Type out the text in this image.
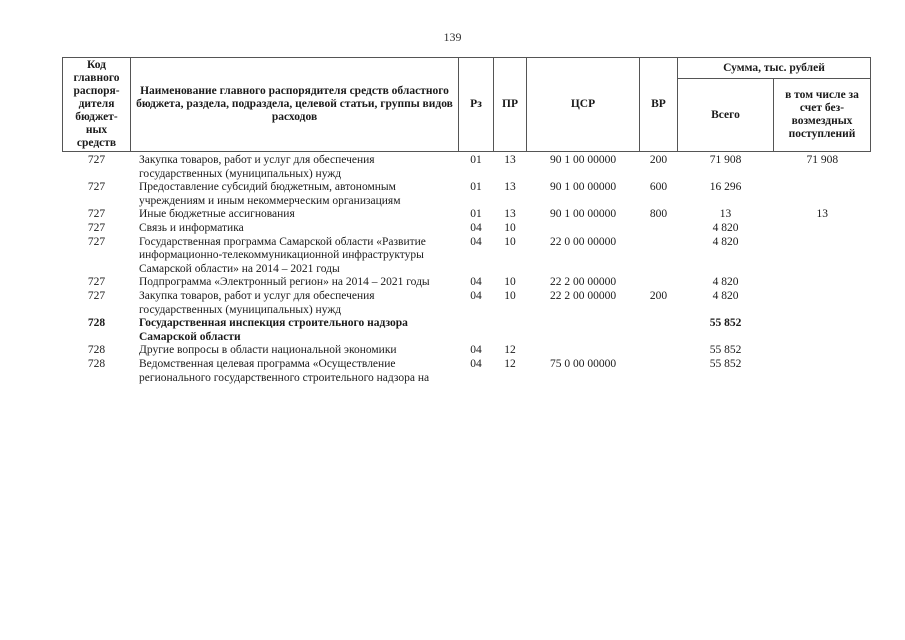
139
Код главного распоря-дителя бюджет-ных средств	Наименование главного распорядителя средств областного бюджета, раздела, подраздела, целевой статьи, группы видов расходов	Рз	ПР	ЦСР	ВР	Сумма, тыс. рублей	
						Всего	в том числе за счет без-возмездных поступлений
727	Закупка товаров, работ и услуг для обеспечения государственных (муниципальных) нужд	01	13	90 1 00 00000	200	71 908	71 908
727	Предоставление субсидий бюджетным, автономным учреждениям и иным некоммерческим организациям	01	13	90 1 00 00000	600	16 296	
727	Иные бюджетные ассигнования	01	13	90 1 00 00000	800	13	13
727	Связь и информатика	04	10			4 820	
727	Государственная программа Самарской области «Развитие информационно-телекоммуникационной инфраструктуры Самарской области» на 2014 – 2021 годы	04	10	22 0 00 00000		4 820	
727	Подпрограмма «Электронный регион» на 2014 – 2021 годы	04	10	22 2 00 00000		4 820	
727	Закупка товаров, работ и услуг для обеспечения государственных (муниципальных) нужд	04	10	22 2 00 00000	200	4 820	
728	Государственная инспекция строительного надзора Самарской области					55 852	
728	Другие вопросы в области национальной экономики	04	12			55 852	
728	Ведомственная целевая программа «Осуществление регионального государственного строительного надзора на	04	12	75 0 00 00000		55 852	
